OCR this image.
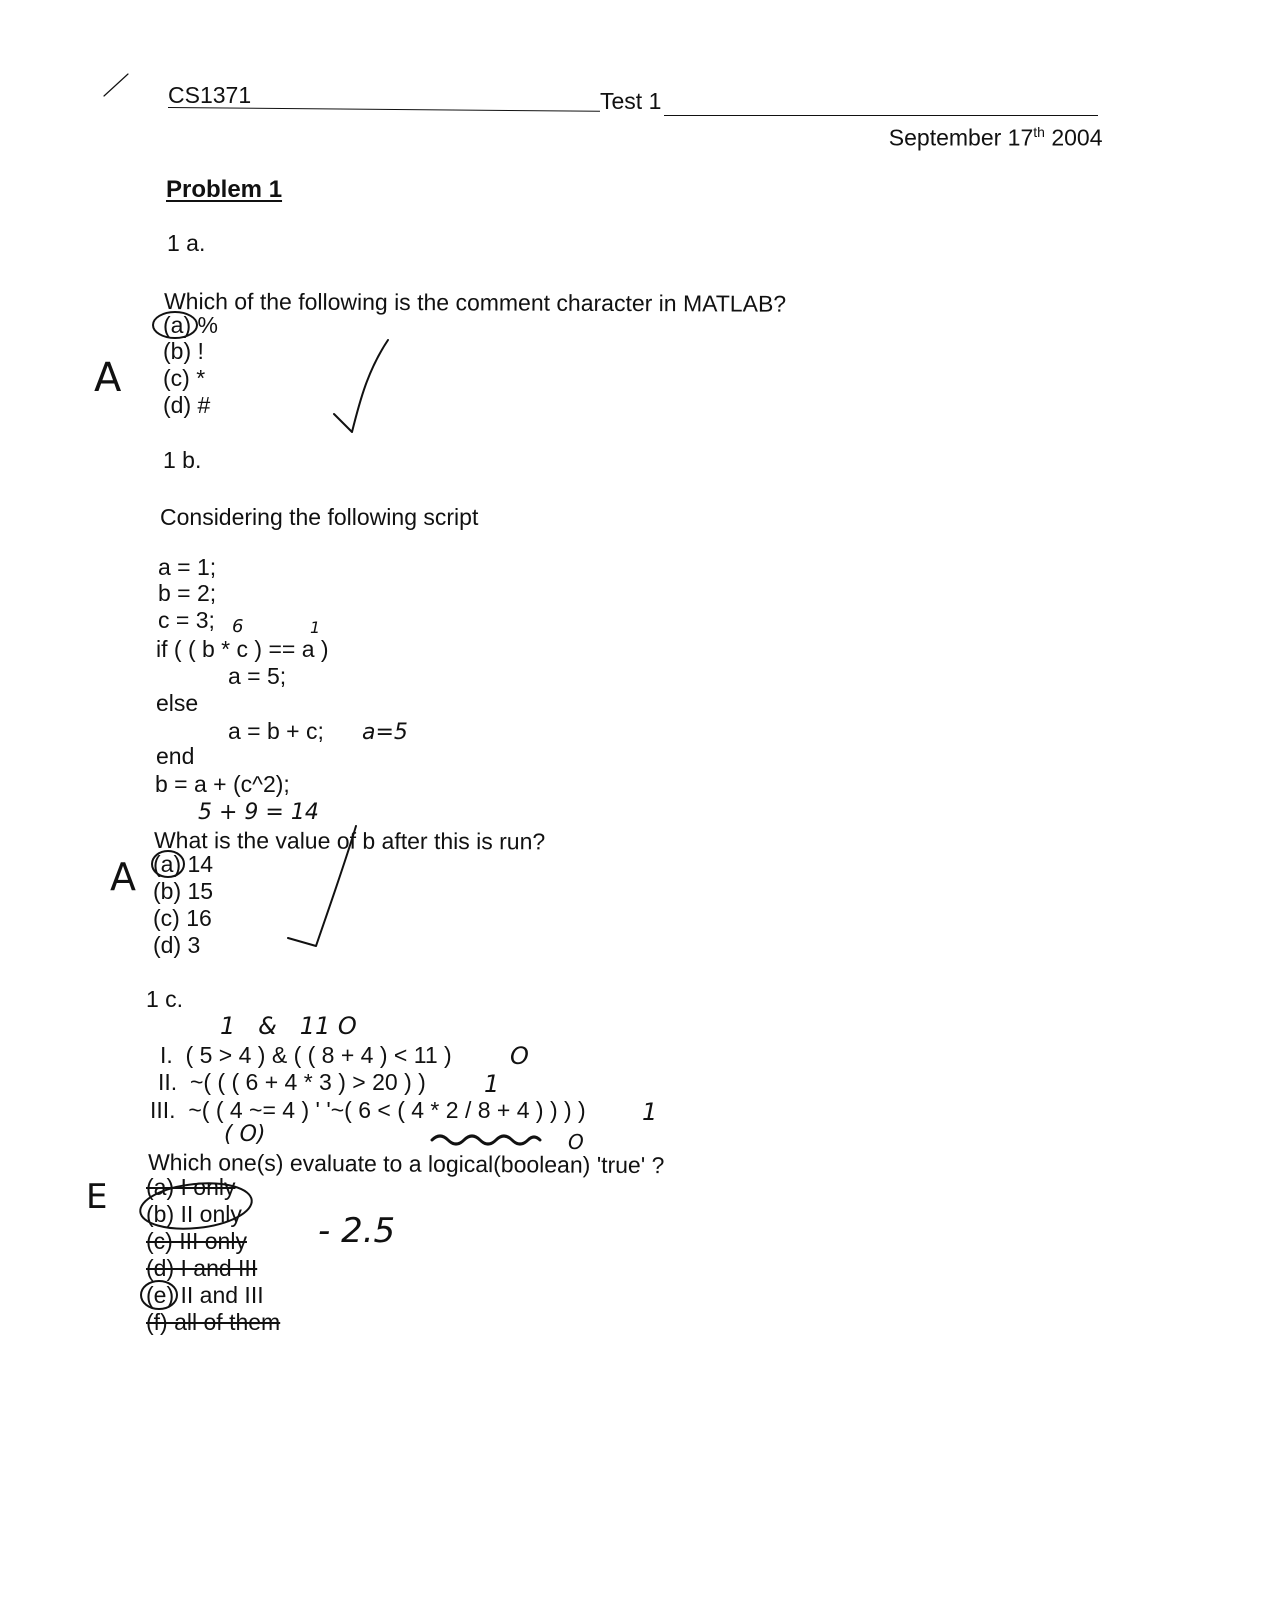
CS1371	Test 1

September 17th 2004

Problem 1
1 a.
Which of the following is the comment character in MATLAB?
(a) %
(b) !
(c) *
(d) #
A
1 b.
Considering the following script
a = 1;
b = 2;
c = 3;
if ( ( b * c ) == a )
a = 5;
else
a = b + c;
end
b = a + (c^2);
6	1
a=5
5 + 9 = 14
What is the value of b after this is run?
(a) 14
(b) 15
(c) 16
(d) 3
A
1 c.
1   &   11 O
I.  ( 5 > 4 ) & ( ( 8 + 4 ) < 11 )
II.  ~( ( ( 6 + 4 * 3 ) > 20 ) )
III.  ~( ( 4 ~= 4 ) ' '~( 6 < ( 4 * 2 / 8 + 4 ) ) ) )
O
1
1
( O)	O
Which one(s) evaluate to a logical(boolean) 'true' ?
(a) I only
(b) II only
(c) III only
(d) I and III
(e) II and III
(f) all of them
E
- 2.5
